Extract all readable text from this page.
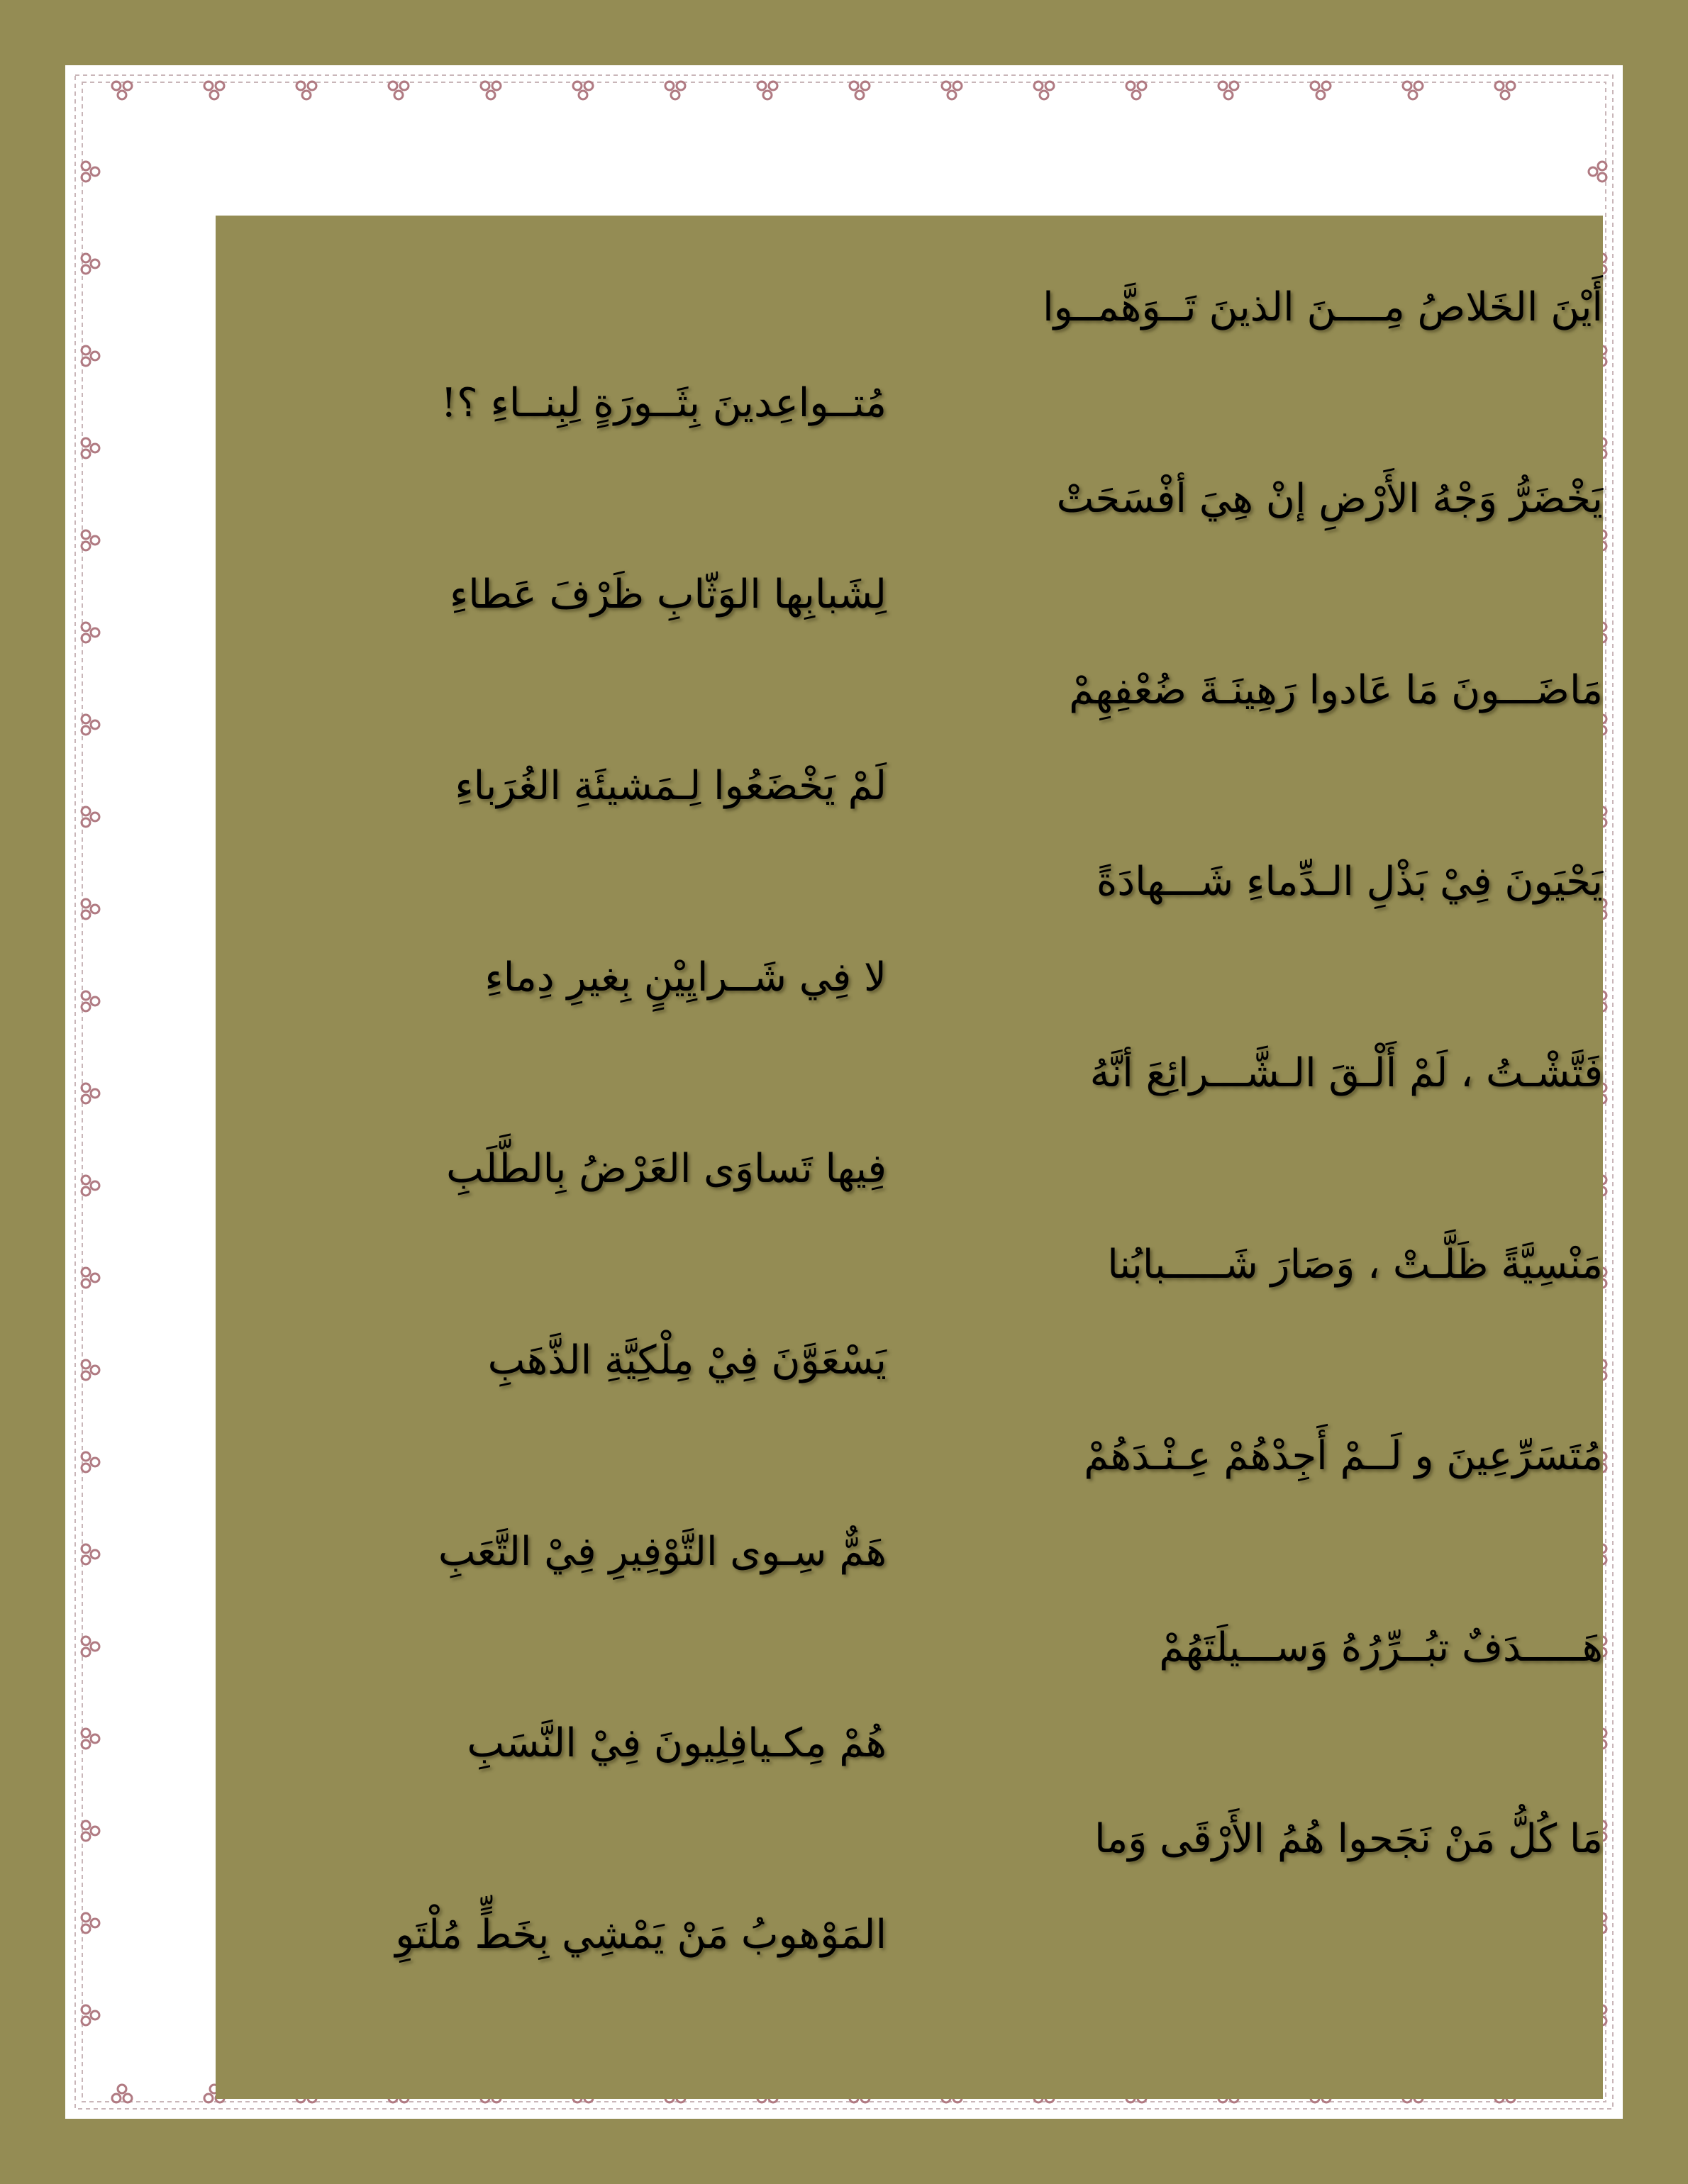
أَيْنَ الخَلاصُ مِــــنَ الذينَ تَــوَهَّمــوا
مُتــواعِدينَ بِثَــورَةٍ لِبِنــاءِ ؟!
يَخْضَرُّ وَجْهُ الأَرْضِ إنْ هِيَ أفْسَحَتْ
لِشَبابِها الوَثّابِ ظَرْفَ عَطاءِ
مَاضَـــونَ مَا عَادوا رَهِينَـةَ ضُعْفِهِمْ
لَمْ يَخْضَعُوا لِـمَشيئَةِ الغُرَباءِ
يَحْيَونَ فِيْ بَذْلِ الـدِّماءِ شَـــهادَةً
لا فِي شَــرايِيْنٍ بِغيرِ دِماءِ
فَتَّشْـتُ ، لَمْ أَلْـقَ الـشَّـــرائِعَ أنَّهُ
فِيها تَساوَى العَرْضُ بِالطَّلَبِ
مَنْسِيَّةً ظَلَّـتْ ، وَصَارَ شَـــــبابُنا
يَسْعَوَّنَ فِيْ مِلْكِيَّةِ الذَّهَبِ
مُتَسَرِّعِينَ و لَــمْ أَجِدْهُمْ عِـنْـدَهُمْ
هَمٌّ سِـوى التَّوْفِيرِ فِيْ التَّعَبِ
هَـــــدَفٌ تبُــرِّرُهُ وَســـيلَتَهُمْ
هُمْ مِكـيافِلِيونَ فِيْ النَّسَبِ
مَا كُلُّ مَنْ نَجَحوا هُمُ الأَرْقَى وَما
المَوْهوبُ مَنْ يَمْشِي بِخَطٍّ مُلْتَوِ
